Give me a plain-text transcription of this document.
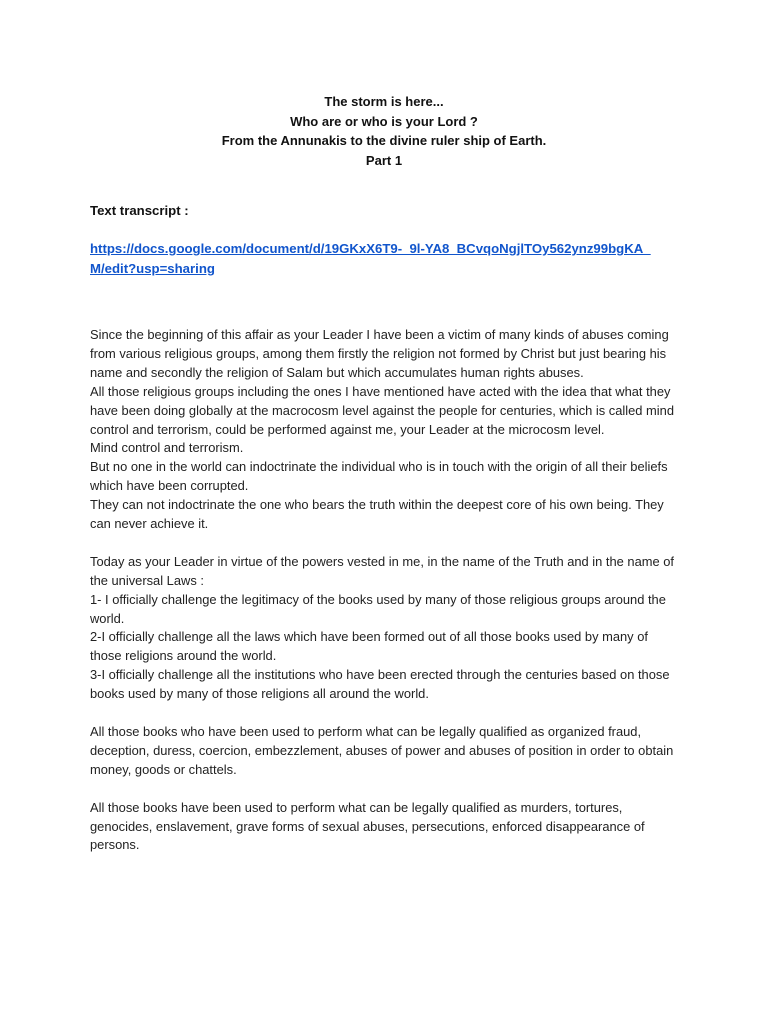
The storm is here...
Who are or who is your Lord ?
From the Annunakis to the divine ruler ship of Earth.
Part 1
Text transcript :
https://docs.google.com/document/d/19GKxX6T9-_9l-YA8_BCvqoNgjlTOy562ynz99bgKA_
M/edit?usp=sharing
Since the beginning of this affair as your Leader I have been a victim of many kinds of abuses coming from various religious groups, among them firstly the religion not formed by Christ but just bearing his name and secondly the religion of Salam but which accumulates human rights abuses.
All those religious groups including the ones I have mentioned have acted with the idea that what they have been doing globally at the macrocosm level against the people for centuries, which is called mind control and terrorism, could be performed against me, your Leader at the microcosm level.
Mind control and terrorism.
But no one in the world can indoctrinate the individual who is in touch with the origin of all their beliefs which have been corrupted.
They can not indoctrinate the one who bears the truth within the deepest core of his own being. They can never achieve it.
Today as your Leader in virtue of the powers vested in me, in the name of the Truth and in the name of the universal Laws :
1- I officially challenge the legitimacy of the books used by many of those religious groups around the world.
2-I officially challenge all the laws which have been formed out of all those books used by many of those religions around the world.
3-I officially challenge all the institutions who have been erected through the centuries based on those books used by many of those religions all around the world.
All those books who have been used to perform what can be legally qualified as organized fraud, deception, duress, coercion, embezzlement, abuses of power and abuses of position in order to obtain money, goods or chattels.
All those books have been used to perform what can be legally qualified as murders, tortures, genocides, enslavement, grave forms of sexual abuses, persecutions, enforced disappearance of persons.
